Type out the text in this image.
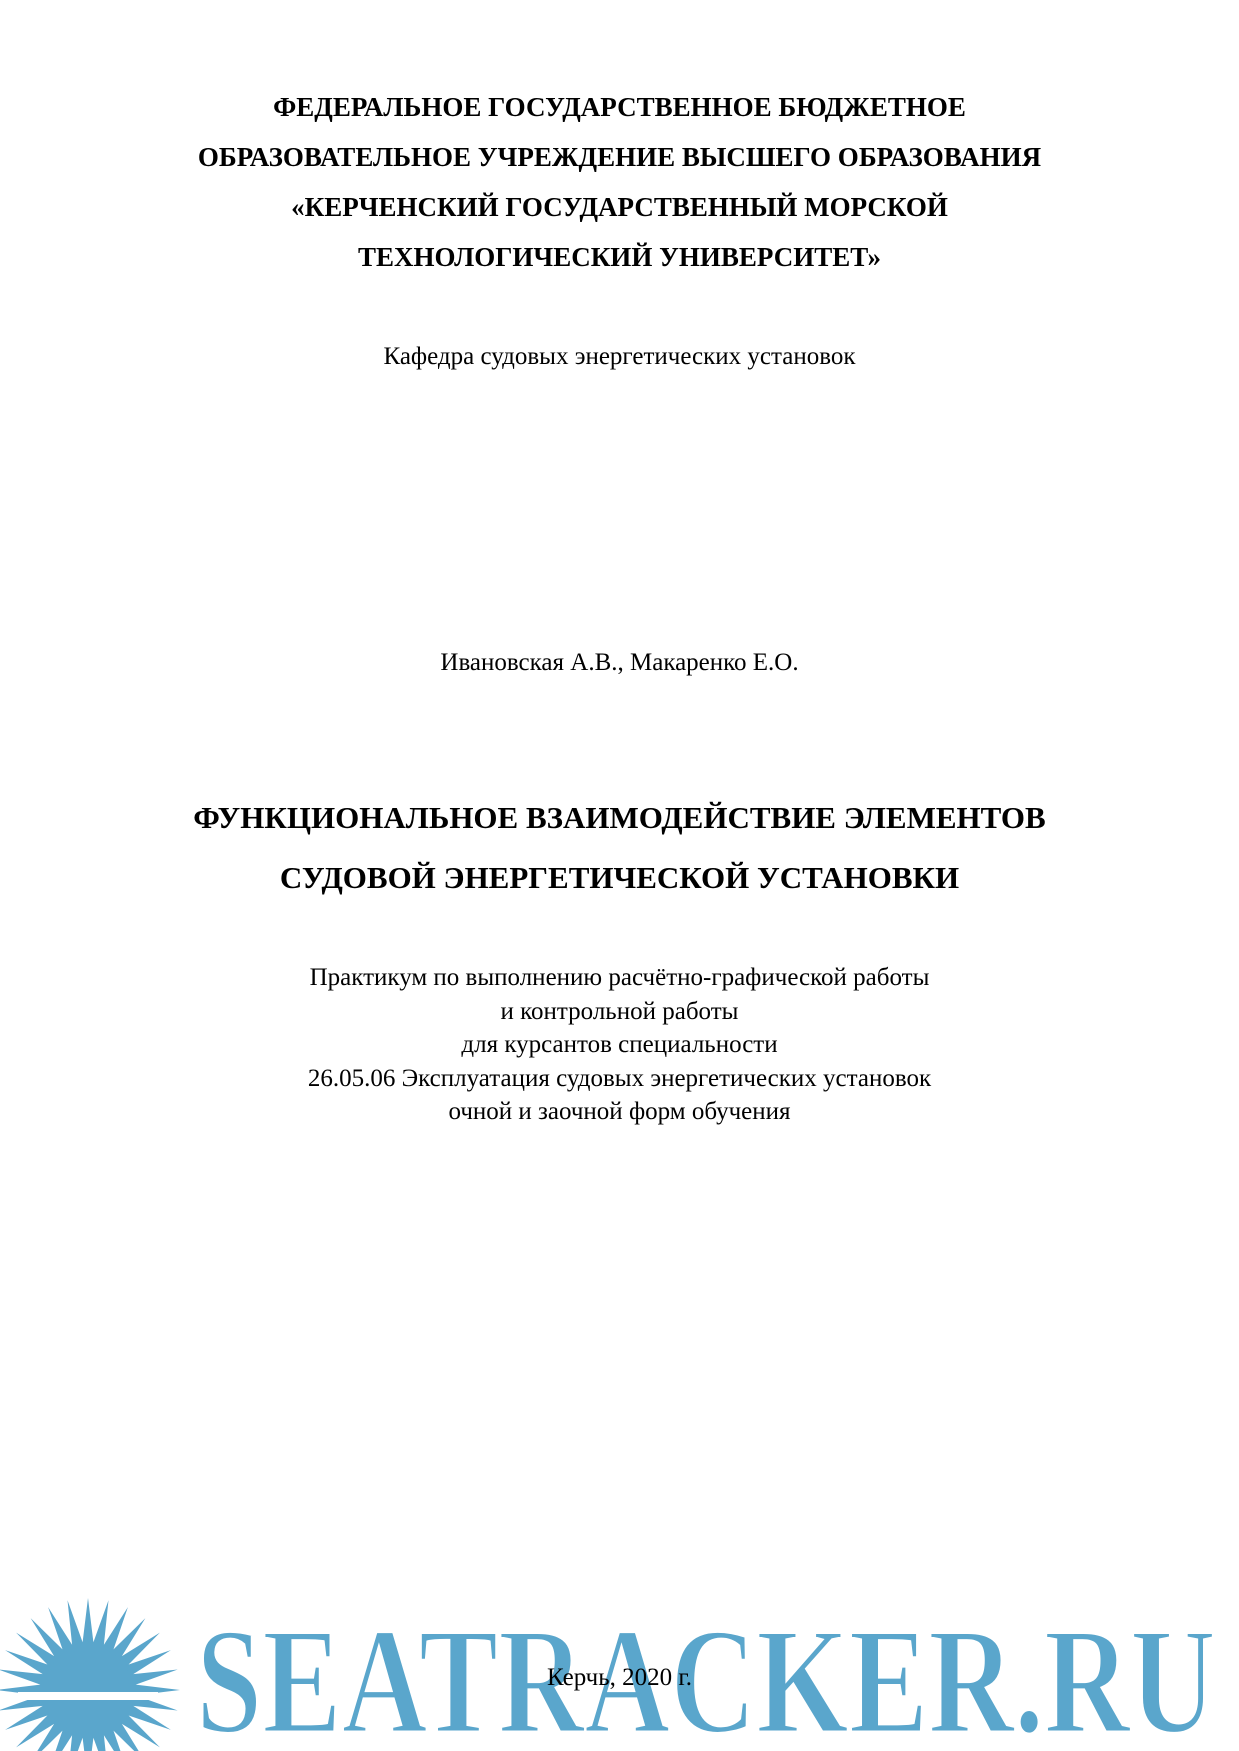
ФЕДЕРАЛЬНОЕ ГОСУДАРСТВЕННОЕ БЮДЖЕТНОЕ
ОБРАЗОВАТЕЛЬНОЕ УЧРЕЖДЕНИЕ ВЫСШЕГО ОБРАЗОВАНИЯ
«КЕРЧЕНСКИЙ ГОСУДАРСТВЕННЫЙ МОРСКОЙ
ТЕХНОЛОГИЧЕСКИЙ УНИВЕРСИТЕТ»
Кафедра судовых энергетических установок
Ивановская А.В., Макаренко Е.О.
ФУНКЦИОНАЛЬНОЕ ВЗАИМОДЕЙСТВИЕ ЭЛЕМЕНТОВ
СУДОВОЙ ЭНЕРГЕТИЧЕСКОЙ УСТАНОВКИ
Практикум по выполнению расчётно-графической работы
и контрольной работы
для курсантов специальности
26.05.06 Эксплуатация судовых энергетических установок
очной и заочной форм обучения
SEATRACKER.RU
Керчь, 2020 г.
